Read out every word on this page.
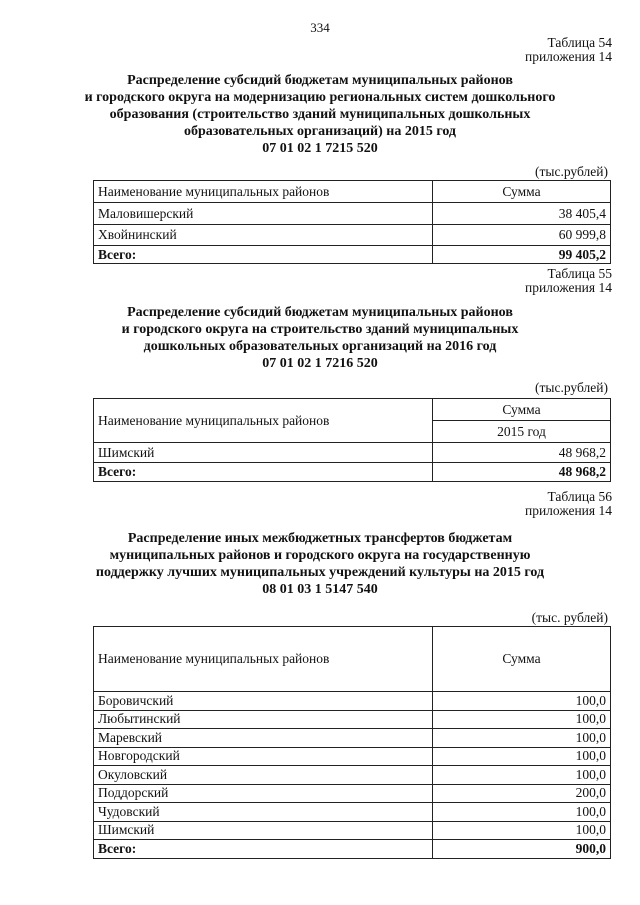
334
Таблица 54
приложения 14
Распределение субсидий бюджетам муниципальных районов
и городского округа на модернизацию региональных систем дошкольного
образования (строительство зданий муниципальных дошкольных
образовательных организаций) на 2015 год
07 01 02 1 7215 520
(тыс.рублей)
Наименование муниципальных районов	Сумма
Маловишерский	38 405,4
Хвойнинский	60 999,8
Всего:	99 405,2
Таблица 55
приложения 14
Распределение субсидий бюджетам муниципальных районов
и городского округа на строительство зданий муниципальных
дошкольных образовательных организаций на 2016 год
07 01 02 1 7216 520
(тыс.рублей)
Наименование муниципальных районов	Сумма
	2015 год
Шимский	48 968,2
Всего:	48 968,2
Таблица 56
приложения 14
Распределение иных межбюджетных трансфертов бюджетам
муниципальных районов и городского округа на государственную
поддержку лучших муниципальных учреждений культуры на 2015 год
08 01 03 1 5147 540
(тыс. рублей)
Наименование муниципальных районов	Сумма
Боровичский	100,0
Любытинский	100,0
Маревский	100,0
Новгородский	100,0
Окуловский	100,0
Поддорский	200,0
Чудовский	100,0
Шимский	100,0
Всего:	900,0
